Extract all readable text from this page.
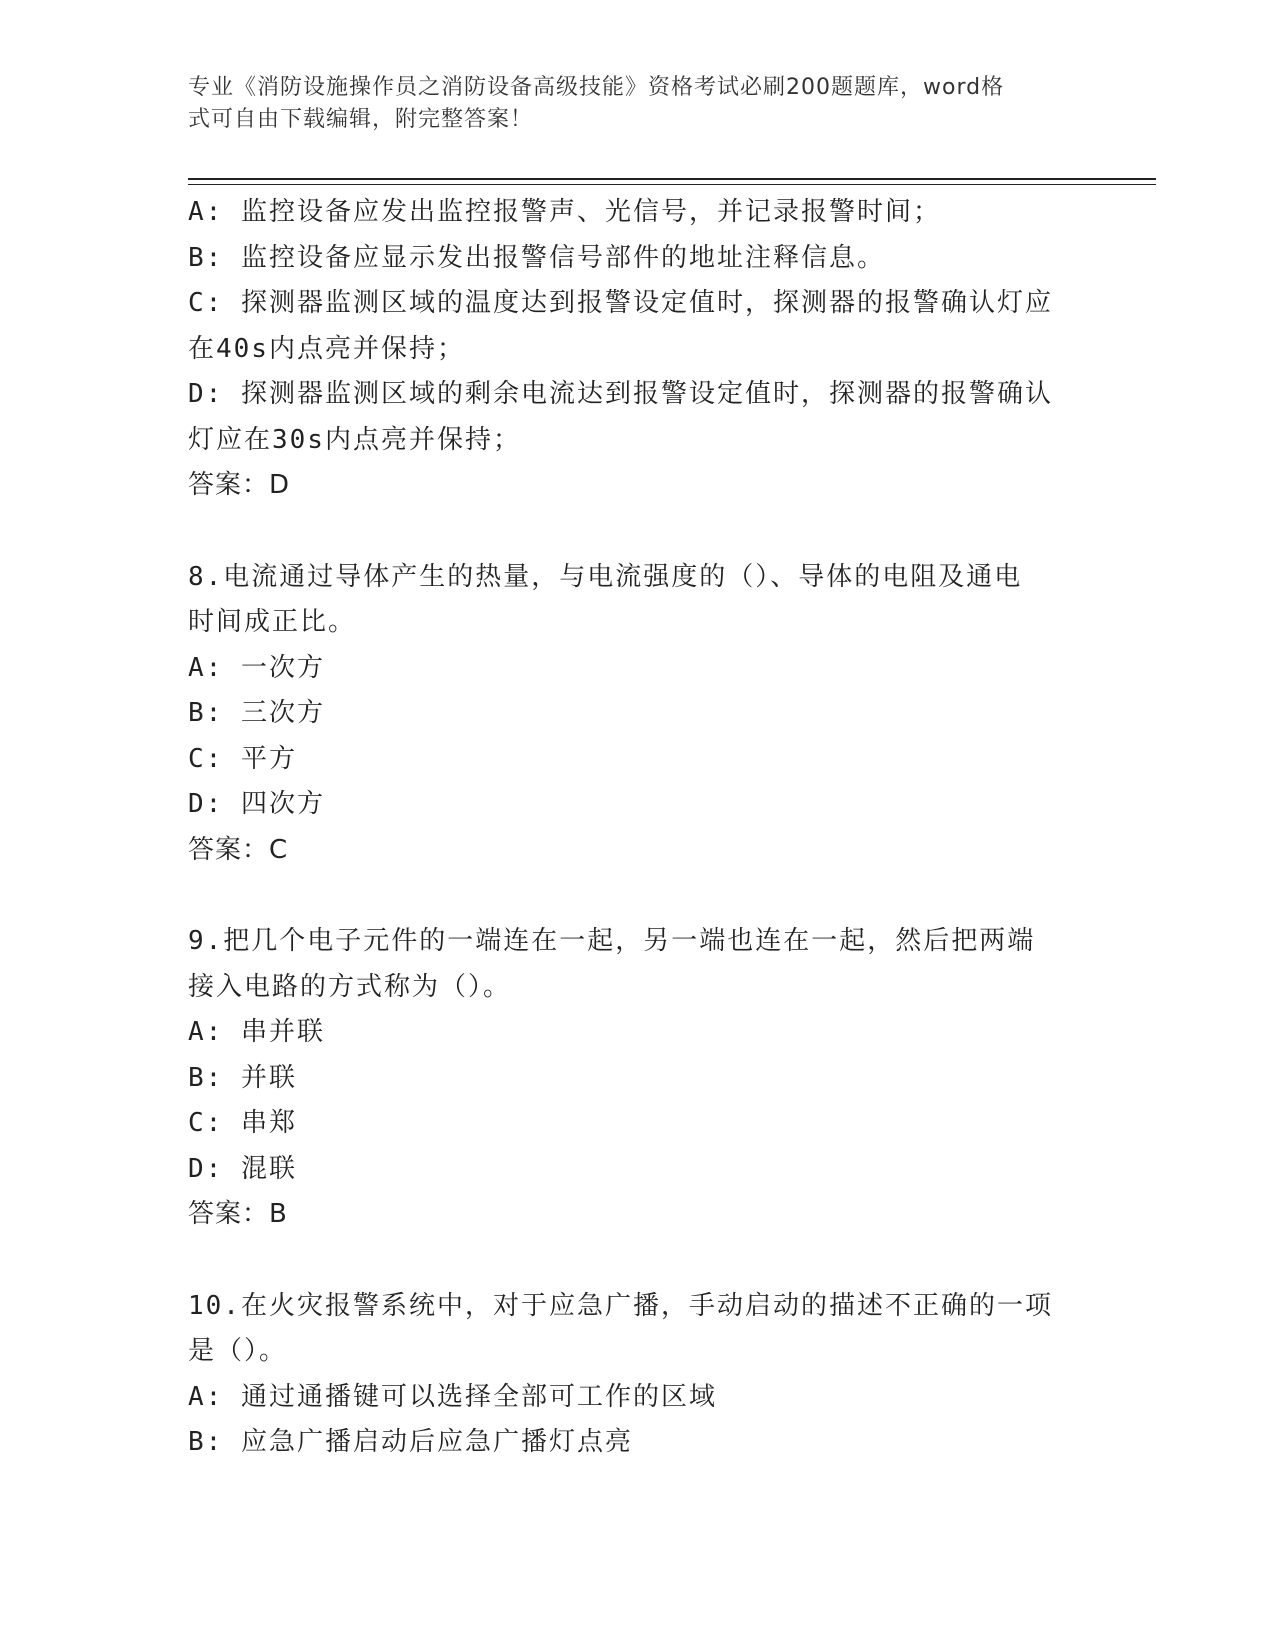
专业《消防设施操作员之消防设备高级技能》资格考试必刷200题题库，word格
式可自由下载编辑，附完整答案！

A: 监控设备应发出监控报警声、光信号，并记录报警时间；

B: 监控设备应显示发出报警信号部件的地址注释信息。

C: 探测器监测区域的温度达到报警设定值时，探测器的报警确认灯应

在40s内点亮并保持；

D: 探测器监测区域的剩余电流达到报警设定值时，探测器的报警确认

灯应在30s内点亮并保持；

答案：D

8.电流通过导体产生的热量，与电流强度的（）、导体的电阻及通电

时间成正比。

A: 一次方

B: 三次方

C: 平方

D: 四次方

答案：C

9.把几个电子元件的一端连在一起，另一端也连在一起，然后把两端

接入电路的方式称为（）。

A: 串并联

B: 并联

C: 串郑

D: 混联

答案：B

10.在火灾报警系统中，对于应急广播，手动启动的描述不正确的一项

是（）。

A: 通过通播键可以选择全部可工作的区域

B: 应急广播启动后应急广播灯点亮
